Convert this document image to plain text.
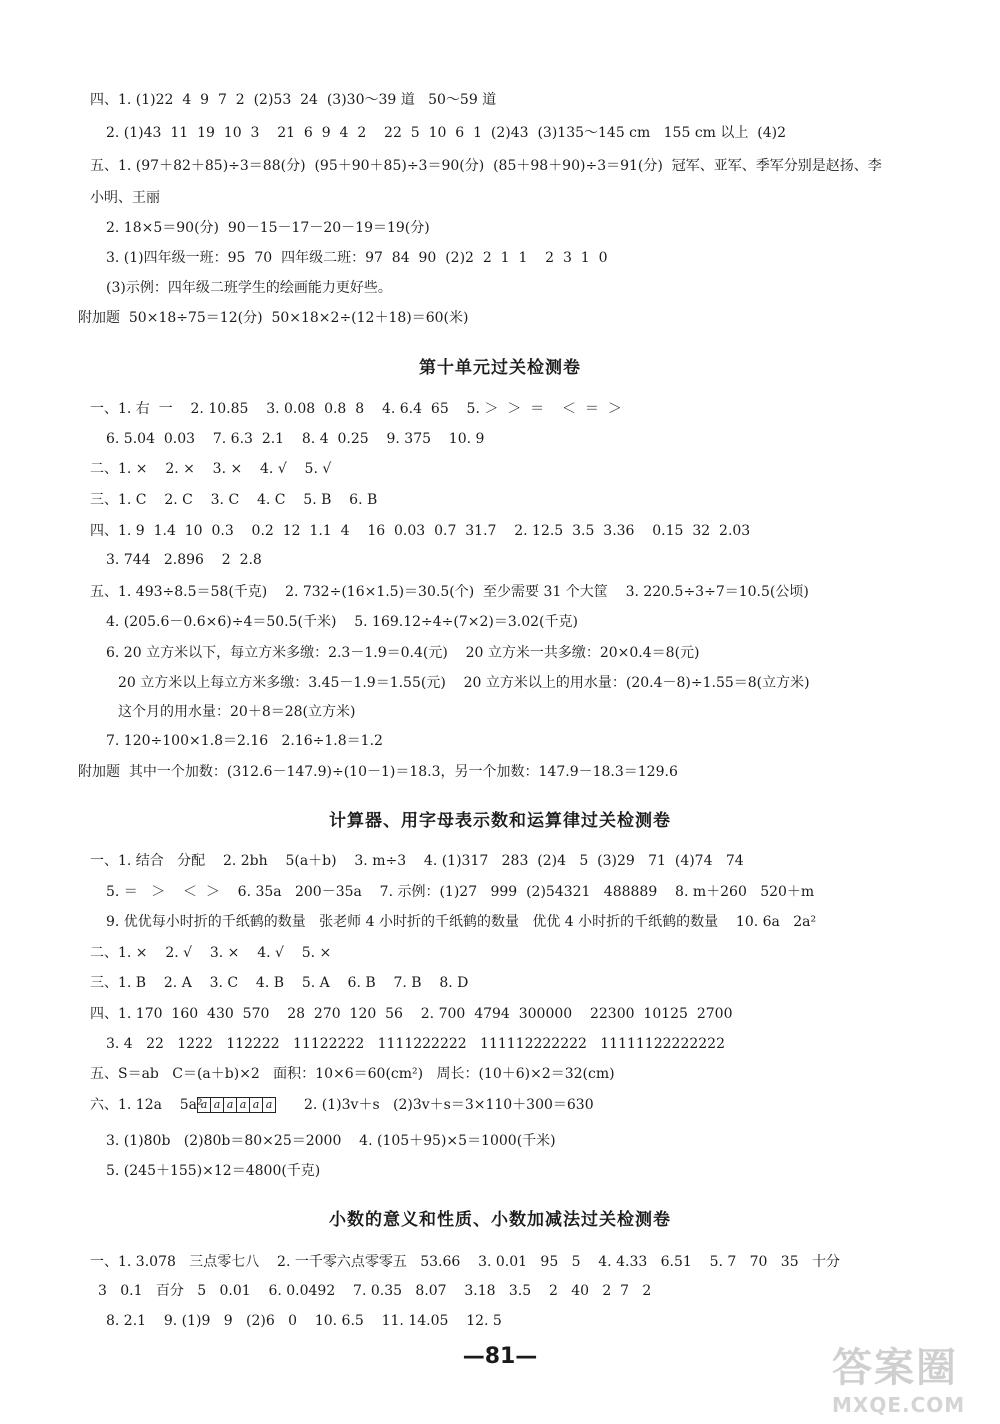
四、1. (1)22  4  9  7  2  (2)53  24  (3)30～39 道   50～59 道
2. (1)43  11  19  10  3    21  6  9  4  2    22  5  10  6  1  (2)43  (3)135～145 cm   155 cm 以上  (4)2
五、1. (97＋82＋85)÷3＝88(分)  (95＋90＋85)÷3＝90(分)  (85＋98＋90)÷3＝91(分)  冠军、亚军、季军分别是赵扬、李
小明、王丽
2. 18×5＝90(分)  90－15－17－20－19＝19(分)
3. (1)四年级一班：95  70  四年级二班：97  84  90  (2)2  2  1  1    2  3  1  0
(3)示例：四年级二班学生的绘画能力更好些。
附加题  50×18÷75＝12(分)  50×18×2÷(12＋18)＝60(米)
第十单元过关检测卷
一、1. 右  一    2. 10.85    3. 0.08  0.8  8    4. 6.4  65    5. ＞  ＞  ＝    ＜  ＝  ＞
6. 5.04  0.03    7. 6.3  2.1    8. 4  0.25    9. 375    10. 9
二、1. ×    2. ×    3. ×    4. √    5. √
三、1. C    2. C    3. C    4. C    5. B    6. B
四、1. 9  1.4  10  0.3    0.2  12  1.1  4    16  0.03  0.7  31.7    2. 12.5  3.5  3.36    0.15  32  2.03
3. 744   2.896    2  2.8
五、1. 493÷8.5＝58(千克)    2. 732÷(16×1.5)＝30.5(个)  至少需要 31 个大筐    3. 220.5÷3÷7＝10.5(公顷)
4. (205.6－0.6×6)÷4＝50.5(千米)    5. 169.12÷4÷(7×2)＝3.02(千克)
6. 20 立方米以下，每立方米多缴：2.3－1.9＝0.4(元)    20 立方米一共多缴：20×0.4＝8(元)
20 立方米以上每立方米多缴：3.45－1.9＝1.55(元)    20 立方米以上的用水量：(20.4－8)÷1.55＝8(立方米)
这个月的用水量：20＋8＝28(立方米)
7. 120÷100×1.8＝2.16   2.16÷1.8＝1.2
附加题  其中一个加数：(312.6－147.9)÷(10－1)＝18.3，另一个加数：147.9－18.3＝129.6
计算器、用字母表示数和运算律过关检测卷
一、1. 结合   分配    2. 2bh    5(a＋b)    3. m÷3    4. (1)317   283  (2)4   5  (3)29   71  (4)74   74
5. ＝   ＞    ＜  ＞    6. 35a   200－35a    7. 示例：(1)27   999  (2)54321   488889    8. m＋260   520＋m
9. 优优每小时折的千纸鹤的数量   张老师 4 小时折的千纸鹤的数量   优优 4 小时折的千纸鹤的数量    10. 6a   2a²
二、1. ×    2. √    3. ×    4. √    5. ×
三、1. B    2. A    3. C    4. B    5. A    6. B    7. B    8. D
四、1. 170  160  430  570    28  270  120  56    2. 700  4794  300000    22300  10125  2700
3. 4   22   1222   112222   11122222   1111222222   111112222222   11111122222222
五、S＝ab   C＝(a＋b)×2   面积：10×6＝60(cm²)   周长：(10＋6)×2＝32(cm)
六、1. 12a    5a²
a a a a a a 2. (1)3v＋s   (2)3v＋s＝3×110＋300＝630
3. (1)80b   (2)80b＝80×25＝2000    4. (105＋95)×5＝1000(千米)
5. (245＋155)×12＝4800(千克)
小数的意义和性质、小数加减法过关检测卷
一、1. 3.078   三点零七八    2. 一千零六点零零五   53.66    3. 0.01   95   5    4. 4.33   6.51    5. 7   70   35   十分
3   0.1   百分   5   0.01    6. 0.0492    7. 0.35   8.07    3.18   3.5    2   40   2  7   2
8. 2.1    9. (1)9   9   (2)6   0    10. 6.5    11. 14.05    12. 5
—81—	答案圈
MXQE.COM
